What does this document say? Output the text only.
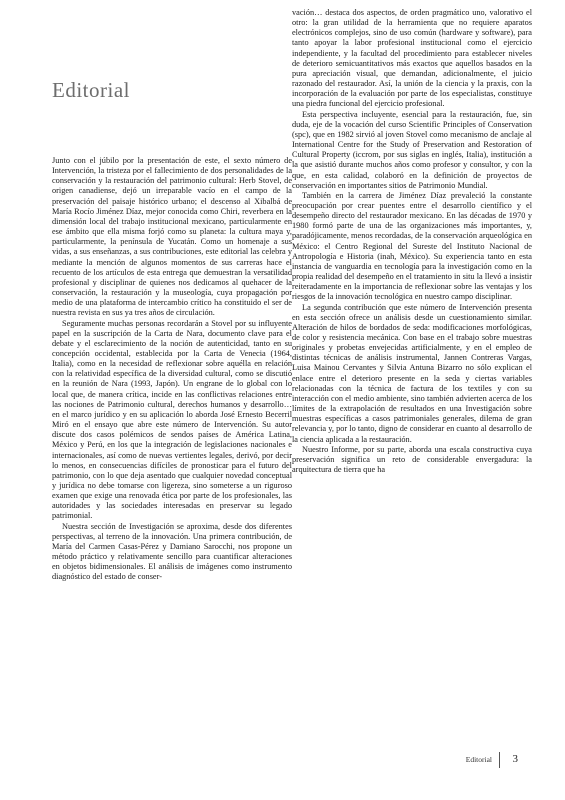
Editorial

Junto con el júbilo por la presentación de este, el sexto número de Intervención, la tristeza por el fallecimiento de dos personalidades de la conservación y la restauración del patrimonio cultural: Herb Stovel, de origen canadiense, dejó un irreparable vacío en el campo de la preservación del paisaje histórico urbano; el descenso al Xibalbá de María Rocío Jiménez Díaz, mejor conocida como Chiri, reverbera en la dimensión local del trabajo institucional mexicano, particularmente en ese ámbito que ella misma forjó como su planeta: la cultura maya y, particularmente, la península de Yucatán. Como un homenaje a sus vidas, a sus enseñanzas, a sus contribuciones, este editorial las celebra y mediante la mención de algunos momentos de sus carreras hace el recuento de los artículos de esta entrega que demuestran la versatilidad profesional y disciplinar de quienes nos dedicamos al quehacer de la conservación, la restauración y la museología, cuya propagación por medio de una plataforma de intercambio crítico ha constituido el ser de nuestra revista en sus ya tres años de circulación.

Seguramente muchas personas recordarán a Stovel por su influyente papel en la suscripción de la Carta de Nara, documento clave para el debate y el esclarecimiento de la noción de autenticidad, tanto en su concepción occidental, establecida por la Carta de Venecia (1964, Italia), como en la necesidad de reflexionar sobre aquélla en relación con la relatividad específica de la diversidad cultural, como se discutió en la reunión de Nara (1993, Japón). Un engrane de lo global con lo local que, de manera crítica, incide en las conflictivas relaciones entre las nociones de Patrimonio cultural, derechos humanos y desarrollo… en el marco jurídico y en su aplicación lo aborda José Ernesto Becerril Miró en el ensayo que abre este número de Intervención. Su autor discute dos casos polémicos de sendos países de América Latina, México y Perú, en los que la integración de legislaciones nacionales e internacionales, así como de nuevas vertientes legales, derivó, por decir lo menos, en consecuencias difíciles de pronosticar para el futuro del patrimonio, con lo que deja asentado que cualquier novedad conceptual y jurídica no debe tomarse con ligereza, sino someterse a un riguroso examen que exige una renovada ética por parte de los profesionales, las autoridades y las sociedades interesadas en preservar su legado patrimonial.

Nuestra sección de Investigación se aproxima, desde dos diferentes perspectivas, al terreno de la innovación. Una primera contribución, de María del Carmen Casas-Pérez y Damiano Sarocchi, nos propone un método práctico y relativamente sencillo para cuantificar alteraciones en objetos bidimensionales. El análisis de imágenes como instrumento diagnóstico del estado de conser-

vación… destaca dos aspectos, de orden pragmático uno, valorativo el otro: la gran utilidad de la herramienta que no requiere aparatos electrónicos complejos, sino de uso común (hardware y software), para tanto apoyar la labor profesional institucional como el ejercicio independiente, y la facultad del procedimiento para establecer niveles de deterioro semicuantitativos más exactos que aquellos basados en la pura apreciación visual, que demandan, adicionalmente, el juicio razonado del restaurador. Así, la unión de la ciencia y la praxis, con la incorporación de la evaluación por parte de los especialistas, constituye una piedra funcional del ejercicio profesional.

Esta perspectiva incluyente, esencial para la restauración, fue, sin duda, eje de la vocación del curso Scientific Principles of Conservation (spc), que en 1982 sirvió al joven Stovel como mecanismo de anclaje al International Centre for the Study of Preservation and Restoration of Cultural Property (iccrom, por sus siglas en inglés, Italia), institución a la que asistió durante muchos años como profesor y consultor, y con la que, en esta calidad, colaboró en la definición de proyectos de conservación en importantes sitios de Patrimonio Mundial.

También en la carrera de Jiménez Díaz prevaleció la constante preocupación por crear puentes entre el desarrollo científico y el desempeño directo del restaurador mexicano. En las décadas de 1970 y 1980 formó parte de una de las organizaciones más importantes, y, paradójicamente, menos recordadas, de la conservación arqueológica en México: el Centro Regional del Sureste del Instituto Nacional de Antropología e Historia (inah, México). Su experiencia tanto en esta instancia de vanguardia en tecnología para la investigación como en la propia realidad del desempeño en el tratamiento in situ la llevó a insistir reiteradamente en la importancia de reflexionar sobre las ventajas y los riesgos de la innovación tecnológica en nuestro campo disciplinar.

La segunda contribución que este número de Intervención presenta en esta sección ofrece un análisis desde un cuestionamiento similar. Alteración de hilos de bordados de seda: modificaciones morfológicas, de color y resistencia mecánica. Con base en el trabajo sobre muestras originales y probetas envejecidas artificialmente, y en el empleo de distintas técnicas de análisis instrumental, Jannen Contreras Vargas, Luisa Mainou Cervantes y Silvia Antuna Bizarro no sólo explican el enlace entre el deterioro presente en la seda y ciertas variables relacionadas con la técnica de factura de los textiles y con su interacción con el medio ambiente, sino también advierten acerca de los límites de la extrapolación de resultados en una Investigación sobre muestras específicas a casos patrimoniales generales, dilema de gran relevancia y, por lo tanto, digno de considerar en cuanto al desarrollo de la ciencia aplicada a la restauración.

Nuestro Informe, por su parte, aborda una escala constructiva cuya preservación significa un reto de considerable envergadura: la arquitectura de tierra que ha

Editorial 3
